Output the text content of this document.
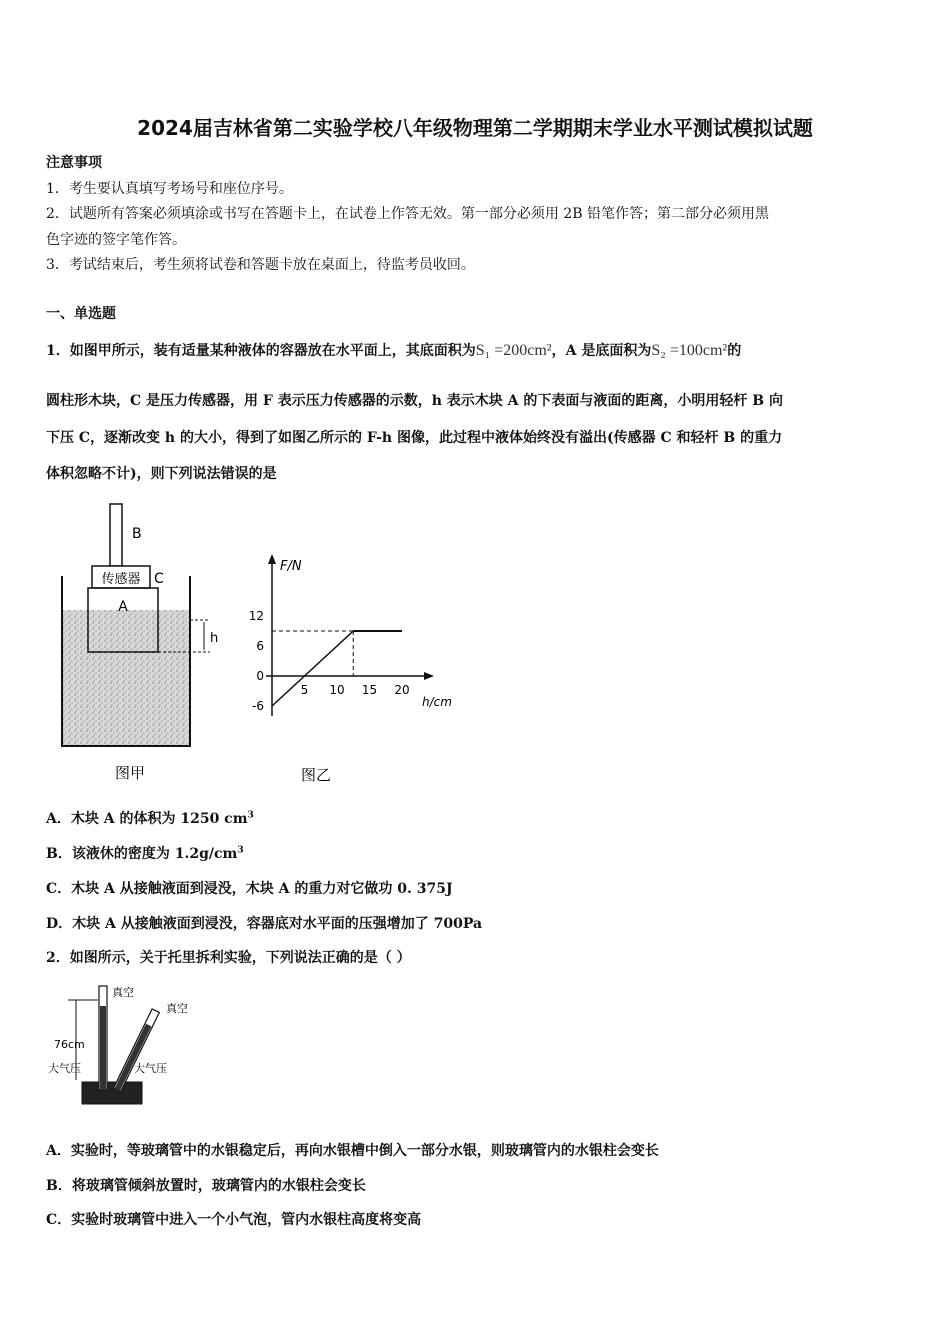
2024届吉林省第二实验学校八年级物理第二学期期末学业水平测试模拟试题
注意事项
1．考生要认真填写考场号和座位序号。
2．试题所有答案必须填涂或书写在答题卡上，在试卷上作答无效。第一部分必须用 2B 铅笔作答；第二部分必须用黑
色字迹的签字笔作答。
3．考试结束后，考生须将试卷和答题卡放在桌面上，待监考员收回。
一、单选题
1．如图甲所示，装有适量某种液体的容器放在水平面上，其底面积为S₁ =200cm²，A 是底面积为S₂ =100cm²的
圆柱形木块，C 是压力传感器，用 F 表示压力传感器的示数，h 表示木块 A 的下表面与液面的距离，小明用轻杆 B 向
下压 C，逐渐改变 h 的大小，得到了如图乙所示的 F-h 图像，此过程中液体始终没有溢出(传感器 C 和轻杆 B 的重力
体积忽略不计)，则下列说法错误的是
B
传感器 C
A
h
图甲
F/N
h/cm
图乙
-6
0
6
12
5 10 15 20
A．木块 A 的体积为 1250 $cm^3$
B．该液休的密度为 $1.2g/cm^3$
C．木块 A 从接触液面到浸没，木块 A 的重力对它做功 0. 375J
D．木块 A 从接触液面到浸没，容器底对水平面的压强增加了 700Pa
2．如图所示，关于托里拆利实验，下列说法正确的是（ ）
真空
真空
76cm
大气压	大气压
A．实验时，等玻璃管中的水银稳定后，再向水银槽中倒入一部分水银，则玻璃管内的水银柱会变长
B．将玻璃管倾斜放置时，玻璃管内的水银柱会变长
C．实验时玻璃管中进入一个小气泡，管内水银柱高度将变高
